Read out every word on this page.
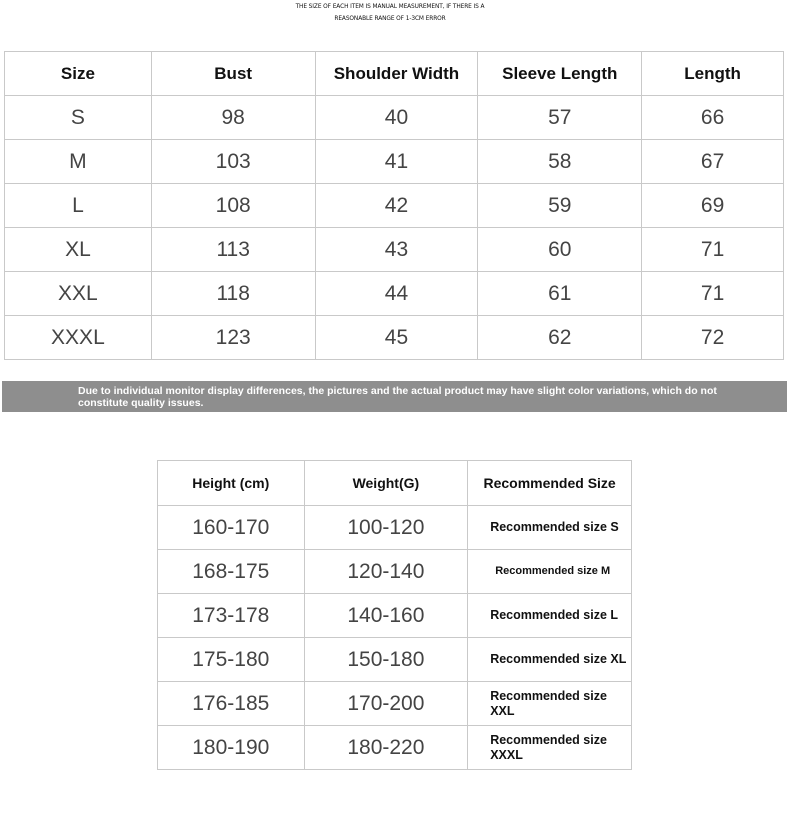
THE SIZE OF EACH ITEM IS MANUAL MEASUREMENT, IF THERE IS A
REASONABLE RANGE OF 1-3CM ERROR
Size	Bust	Shoulder Width	Sleeve Length	Length
S	98	40	57	66
M	103	41	58	67
L	108	42	59	69
XL	113	43	60	71
XXL	118	44	61	71
XXXL	123	45	62	72
Due to individual monitor display differences, the pictures and the actual product may have slight color variations, which do not constitute quality issues.
Height (cm)	Weight(G)	Recommended Size
160-170	100-120	Recommended size S
168-175	120-140	Recommended size M
173-178	140-160	Recommended size L
175-180	150-180	Recommended size XL
176-185	170-200	Recommended size XXL
180-190	180-220	Recommended size XXXL
